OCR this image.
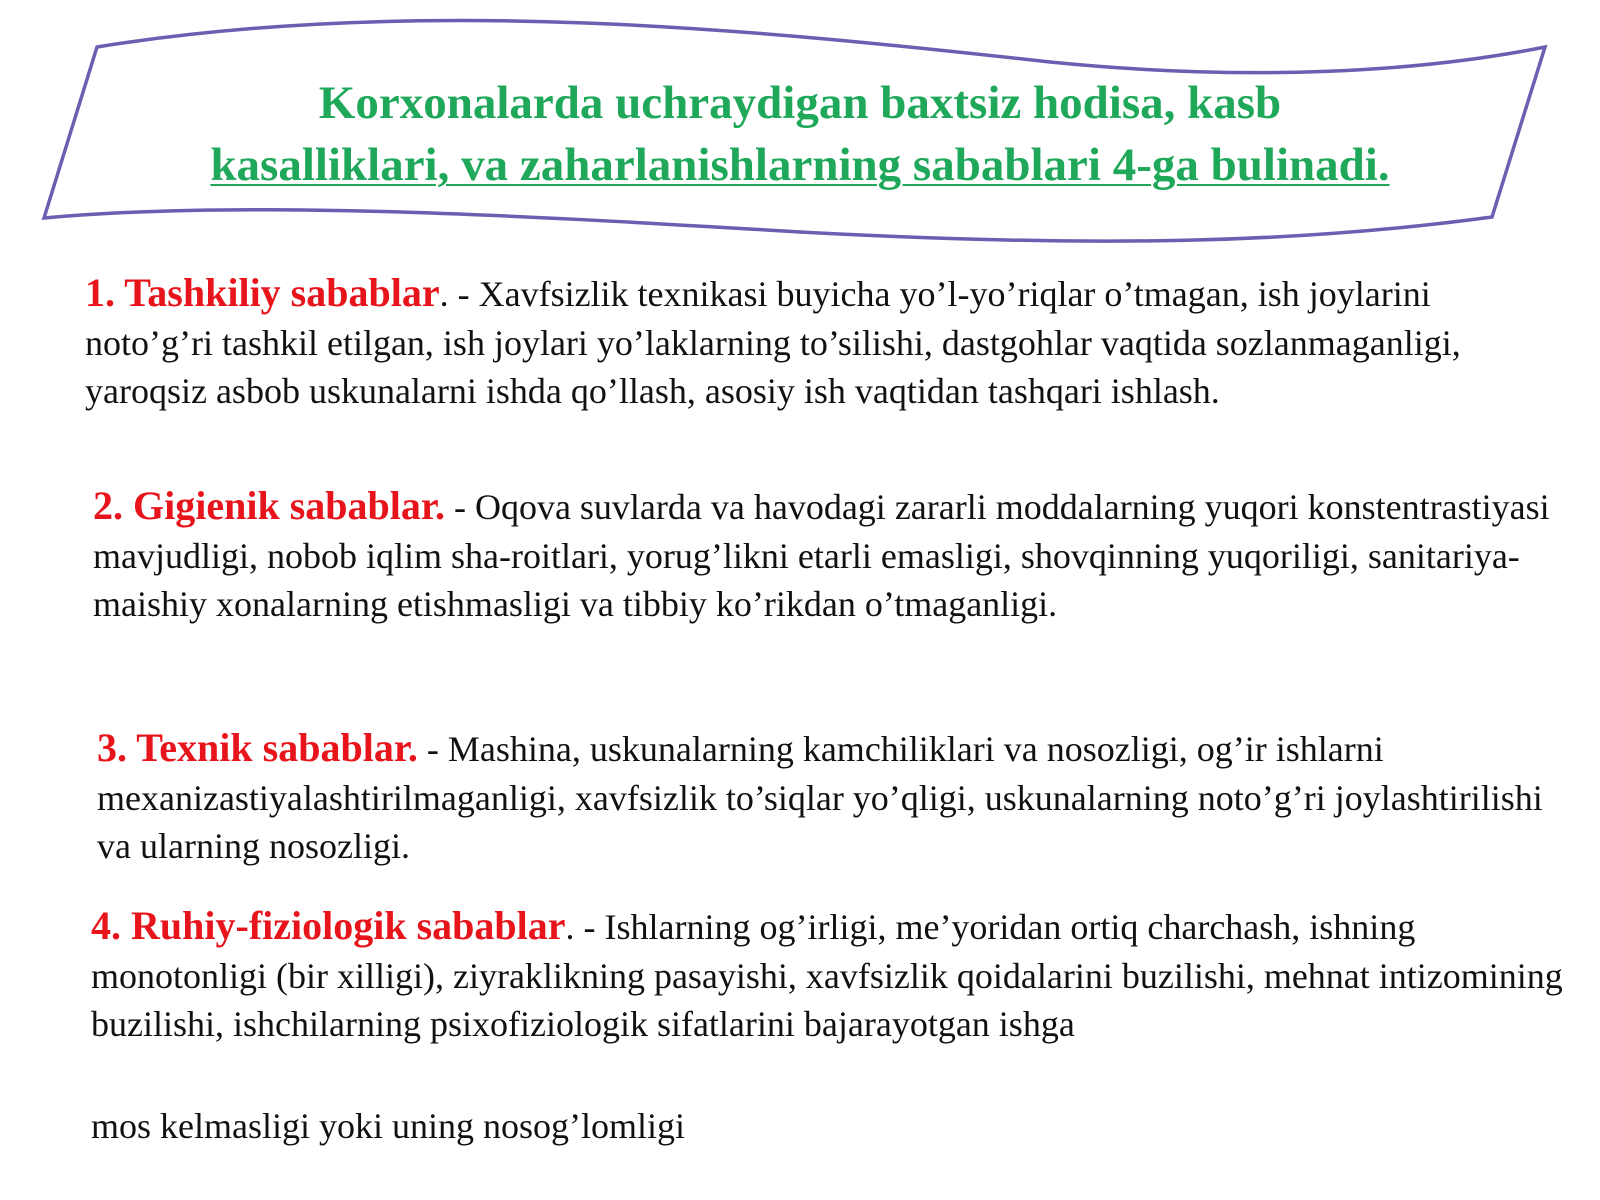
Korxonalarda uchraydigan baxtsiz hodisa, kasb
kasalliklari, va zaharlanishlarning sabablari 4-ga bulinadi.

1. Tashkiliy sabablar. - Xavfsizlik texnikasi buyicha yo’l-yo’riqlar o’tmagan, ish joylarini noto’g’ri tashkil etilgan, ish joylari yo’laklarning to’silishi, dastgohlar vaqtida sozlanmaganligi, yaroqsiz asbob uskunalarni ishda qo’llash, asosiy ish vaqtidan tashqari ishlash.

2. Gigienik sabablar. - Oqova suvlarda va havodagi zararli moddalarning yuqori konstentrastiyasi mavjudligi, nobob iqlim sha-roitlari, yorug’likni etarli emasligi, shovqinning yuqoriligi, sanitariya-maishiy xonalarning etishmasligi va tibbiy ko’rikdan o’tmaganligi.

3. Texnik sabablar. - Mashina, uskunalarning kamchiliklari va nosozligi, og’ir ishlarni mexanizastiyalashtirilmaganligi, xavfsizlik to’siqlar yo’qligi, uskunalarning noto’g’ri joylashtirilishi va ularning nosozligi.

4. Ruhiy-fiziologik sabablar. - Ishlarning og’irligi, me’yoridan ortiq charchash, ishning monotonligi (bir xilligi), ziyraklikning pasayishi, xavfsizlik qoidalarini buzilishi, mehnat intizomining buzilishi, ishchilarning psixofiziologik sifatlarini bajarayotgan ishga

mos kelmasligi yoki uning nosog’lomligi
